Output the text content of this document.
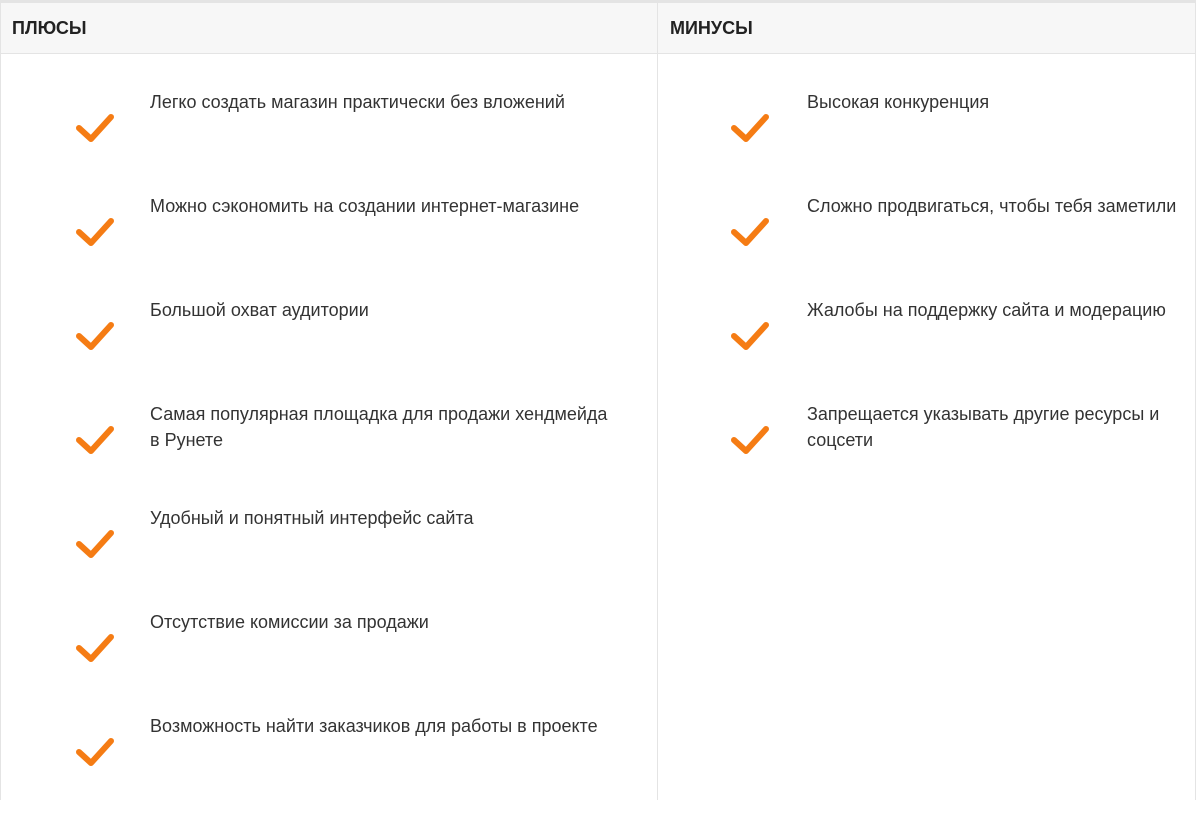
ПЛЮСЫ
Легко создать магазин практически без вложений
Можно сэкономить на создании интернет-магазине
Большой охват аудитории
Самая популярная площадка для продажи хендмейда в Рунете
Удобный и понятный интерфейс сайта
Отсутствие комиссии за продажи
Возможность найти заказчиков для работы в проекте
МИНУСЫ
Высокая конкуренция
Сложно продвигаться, чтобы тебя заметили
Жалобы на поддержку сайта и модерацию
Запрещается указывать другие ресурсы и соцсети
